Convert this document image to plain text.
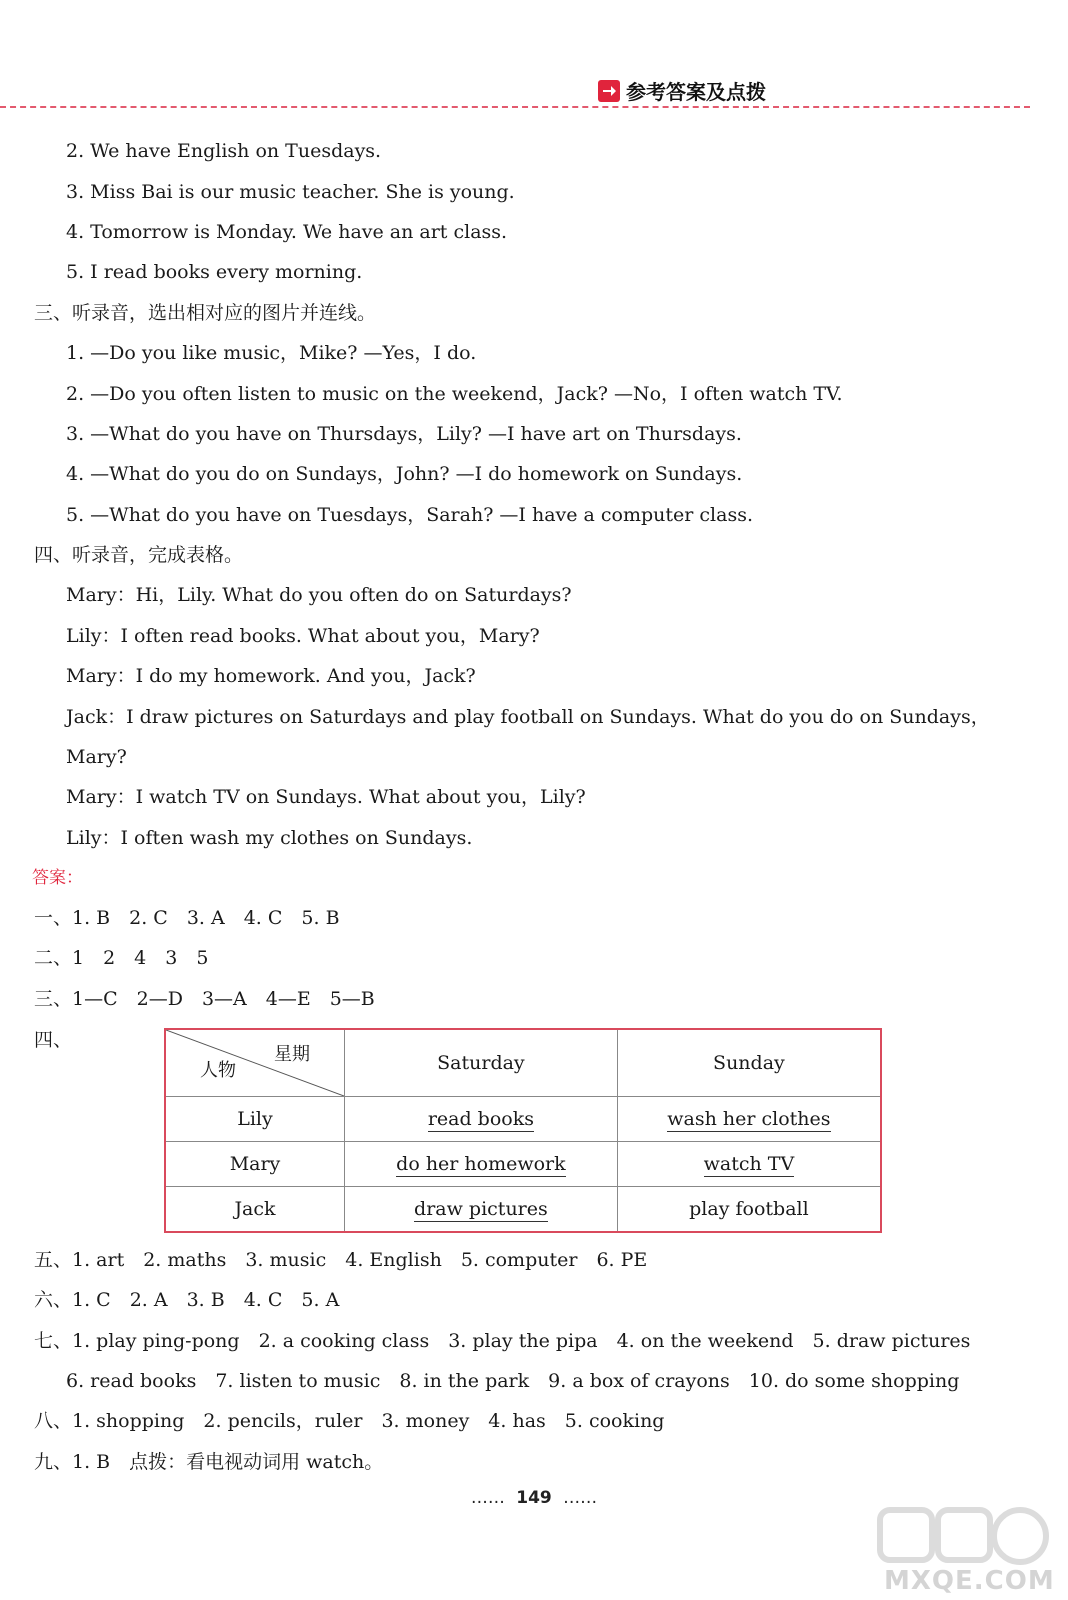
参考答案及点拨
2. We have English on Tuesdays.
3. Miss Bai is our music teacher. She is young.
4. Tomorrow is Monday. We have an art class.
5. I read books every morning.
三、听录音，选出相对应的图片并连线。
1. —Do you like music，Mike? —Yes，I do.
2. —Do you often listen to music on the weekend，Jack? —No，I often watch TV.
3. —What do you have on Thursdays，Lily? —I have art on Thursdays.
4. —What do you do on Sundays，John? —I do homework on Sundays.
5. —What do you have on Tuesdays，Sarah? —I have a computer class.
四、听录音，完成表格。
Mary：Hi，Lily. What do you often do on Saturdays?
Lily：I often read books. What about you，Mary?
Mary：I do my homework. And you，Jack?
Jack：I draw pictures on Saturdays and play football on Sundays. What do you do on Sundays，
Mary?
Mary：I watch TV on Sundays. What about you，Lily?
Lily：I often wash my clothes on Sundays.
答案：
一、1. B　2. C　3. A　4. C　5. B
二、1　2　4　3　5
三、1—C　2—D　3—A　4—E　5—B
四、
星期
人物	Saturday	Sunday
Lily	read books	wash her clothes
Mary	do her homework	watch TV
Jack	draw pictures	play football
五、1. art　2. maths　3. music　4. English　5. computer　6. PE
六、1. C　2. A　3. B　4. C　5. A
七、1. play ping-pong　2. a cooking class　3. play the pipa　4. on the weekend　5. draw pictures
6. read books　7. listen to music　8. in the park　9. a box of crayons　10. do some shopping
八、1. shopping　2. pencils，ruler　3. money　4. has　5. cooking
九、1. B　点拨：看电视动词用 watch。
…… 149 ……
MXQE.COM
